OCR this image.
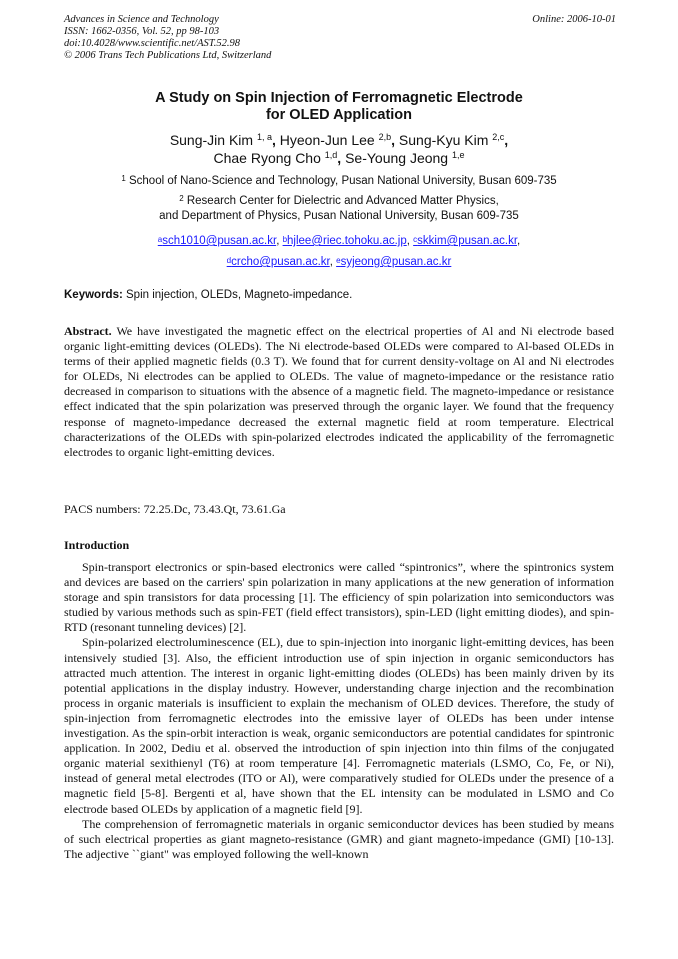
Advances in Science and Technology
ISSN: 1662-0356, Vol. 52, pp 98-103
doi:10.4028/www.scientific.net/AST.52.98
© 2006 Trans Tech Publications Ltd, Switzerland
Online: 2006-10-01
A Study on Spin Injection of Ferromagnetic Electrode
for OLED Application
Sung-Jin Kim $^{1, a}$, Hyeon-Jun Lee $^{2,b}$, Sung-Kyu Kim $^{2,c}$,
Chae Ryong Cho $^{1,d}$, Se-Young Jeong $^{1,e}$
$^1$ School of Nano-Science and Technology, Pusan National University, Busan 609-735
$^2$ Research Center for Dielectric and Advanced Matter Physics,
and Department of Physics, Pusan National University, Busan 609-735
$^a$sch1010@pusan.ac.kr, $^b$hjlee@riec.tohoku.ac.jp, $^c$skkim@pusan.ac.kr,
$^d$crcho@pusan.ac.kr, $^e$syjeong@pusan.ac.kr
Keywords: Spin injection, OLEDs, Magneto-impedance.
Abstract. We have investigated the magnetic effect on the electrical properties of Al and Ni electrode based organic light-emitting devices (OLEDs). The Ni electrode-based OLEDs were compared to Al-based OLEDs in terms of their applied magnetic fields (0.3 T). We found that for current density-voltage on Al and Ni electrodes for OLEDs, Ni electrodes can be applied to OLEDs. The value of magneto-impedance or the resistance ratio decreased in comparison to situations with the absence of a magnetic field. The magneto-impedance or resistance effect indicated that the spin polarization was preserved through the organic layer. We found that the frequency response of magneto-impedance decreased the external magnetic field at room temperature. Electrical characterizations of the OLEDs with spin-polarized electrodes indicated the applicability of the ferromagnetic electrodes to organic light-emitting devices.
PACS numbers: 72.25.Dc, 73.43.Qt, 73.61.Ga
Introduction

Spin-transport electronics or spin-based electronics were called “spintronics”, where the spintronics system and devices are based on the carriers' spin polarization in many applications at the new generation of information storage and spin transistors for data processing [1]. The efficiency of spin polarization into semiconductors was studied by various methods such as spin-FET (field effect transistors), spin-LED (light emitting diodes), and spin-RTD (resonant tunneling devices) [2].

Spin-polarized electroluminescence (EL), due to spin-injection into inorganic light-emitting devices, has been intensively studied [3]. Also, the efficient introduction use of spin injection in organic semiconductors has attracted much attention. The interest in organic light-emitting diodes (OLEDs) has been mainly driven by its potential applications in the display industry. However, understanding charge injection and the recombination process in organic materials is insufficient to explain the mechanism of OLED devices. Therefore, the study of spin-injection from ferromagnetic electrodes into the emissive layer of OLEDs has been under intense investigation. As the spin-orbit interaction is weak, organic semiconductors are potential candidates for spintronic application. In 2002, Dediu et al. observed the introduction of spin injection into thin films of the conjugated organic material sexithienyl (T6) at room temperature [4]. Ferromagnetic materials (LSMO, Co, Fe, or Ni), instead of general metal electrodes (ITO or Al), were comparatively studied for OLEDs under the presence of a magnetic field [5-8]. Bergenti et al, have shown that the EL intensity can be modulated in LSMO and Co electrode based OLEDs by application of a magnetic field [9].

The comprehension of ferromagnetic materials in organic semiconductor devices has been studied by means of such electrical properties as giant magneto-resistance (GMR) and giant magneto-impedance (GMI) [10-13]. The adjective ``giant" was employed following the well-known
